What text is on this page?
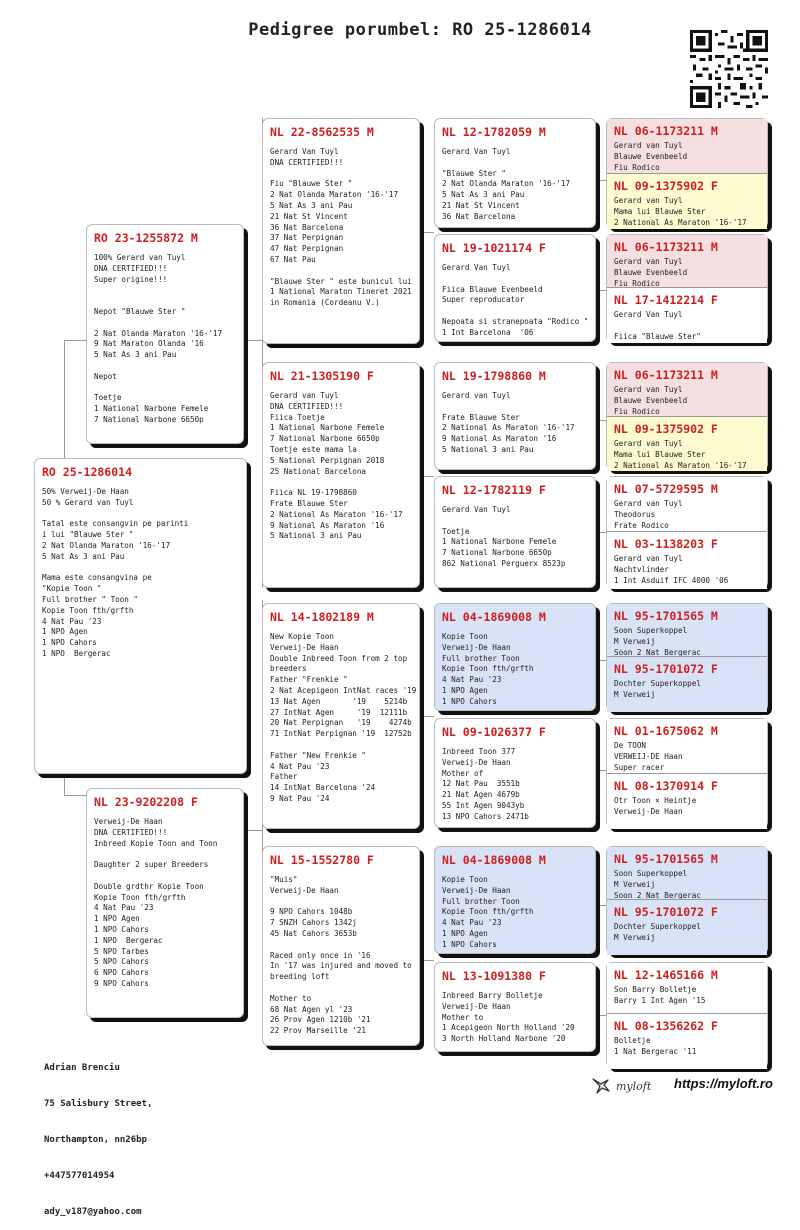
Pedigree porumbel: RO 25-1286014
RO 25-1286014
50% Verweij-De Haan
50 % Gerard van Tuyl

Tatal este consangvin pe parinti
i lui "Blauwe Ster "
2 Nat Olanda Maraton '16-'17
5 Nat As 3 ani Pau

Mama este consangvina pe
"Kopie Toon "
Full brother " Toon "
Kopie Toon fth/grfth
4 Nat Pau '23
1 NPO Agen
1 NPO Cahors
1 NPO  Bergerac
RO 23-1255872 M
100% Gerard van Tuyl
DNA CERTIFIED!!!
Super origine!!!

Nepot "Blauwe Ster "

2 Nat Olanda Maraton '16-'17
9 Nat Maraton Olanda '16
5 Nat As 3 ani Pau

Nepot

Toetje
1 National Narbone Femele
7 National Narbone 6650p
NL 23-9202208 F
Verweij-De Haan
DNA CERTIFIED!!!
Inbreed Kopie Toon and Toon

Daughter 2 super Breeders

Double grdthr Kopie Toon
Kopie Toon fth/grfth
4 Nat Pau '23
1 NPO Agen
1 NPO Cahors
1 NPO  Bergerac
5 NPO Tarbes
5 NPO Cahors
6 NPO Cahors
9 NPO Cahors
NL 22-8562535 M
Gerard Van Tuyl
DNA CERTIFIED!!!

Fiu "Blauwe Ster "
2 Nat Olanda Maraton '16-'17
5 Nat As 3 ani Pau
21 Nat St Vincent
36 Nat Barcelona
37 Nat Perpignan
47 Nat Perpignan
67 Nat Pau

"Blauwe Ster " este bunicul lui
1 National Maraton Tineret 2021
in Romania (Cordeanu V.)
NL 21-1305190 F
Gerard van Tuyl
DNA CERTIFIED!!!
Fiica Toetje
1 National Narbone Femele
7 National Narbone 6650p
Toetje este mama la
5 National Perpignan 2018
25 National Barcelona

Fiica NL 19-1798860
Frate Blauwe Ster
2 National As Maraton '16-'17
9 National As Maraton '16
5 National 3 ani Pau
NL 14-1802189 M
New Kopie Toon
Verweij-De Haan
Double Inbreed Toon from 2 top
breeders
Father "Frenkie "
2 Nat Acepigeon IntNat races '19
13 Nat Agen       '19    5214b
27 IntNat Agen     '19  12111b
20 Nat Perpignan   '19    4274b
71 IntNat Perpignan '19  12752b

Father "New Frenkie "
4 Nat Pau '23
Father
14 IntNat Barcelona '24
9 Nat Pau '24
NL 15-1552780 F
"Muis"
Verweij-De Haan

9 NPO Cahors 1048b
7 SNZH Cahors 1342j
45 Nat Cahors 3653b

Raced only once in '16
In '17 was injured and moved to
breeding loft

Mother to
68 Nat Agen yl '23
26 Prov Agen 1210b '21
22 Prov Marseille '21
NL 12-1782059 M
Gerard Van Tuyl

"Blauwe Ster "
2 Nat Olanda Maraton '16-'17
5 Nat As 3 ani Pau
21 Nat St Vincent
36 Nat Barcelona
NL 19-1021174 F
Gerard Van Tuyl

Fiica Blauwe Evenbeeld
Super reproducator

Nepoata si stranepoata "Rodico "
1 Int Barcelona  '06
NL 19-1798860 M
Gerard van Tuyl

Frate Blauwe Ster
2 National As Maraton '16-'17
9 National As Maraton '16
5 National 3 ani Pau
NL 12-1782119 F
Gerard Van Tuyl

Toetje
1 National Narbone Femele
7 National Narbone 6650p
862 National Perguerx 8523p
NL 04-1869008 M
Kopie Toon
Verweij-De Haan
Full brother Toon
Kopie Toon fth/grfth
4 Nat Pau '23
1 NPO Agen
1 NPO Cahors
NL 09-1026377 F
Inbreed Toon 377
Verweij-De Haan
Mother of
12 Nat Pau  3551b
21 Nat Agen 4679b
55 Int Agen 9043yb
13 NPO Cahors 2471b
NL 04-1869008 M
Kopie Toon
Verweij-De Haan
Full brother Toon
Kopie Toon fth/grfth
4 Nat Pau '23
1 NPO Agen
1 NPO Cahors
NL 13-1091380 F
Inbreed Barry Bolletje
Verweij-De Haan
Mother to
1 Acepigeon North Holland '20
3 North Holland Narbone '20
NL 06-1173211 M
Gerard van Tuyl
Blauwe Evenbeeld
Fiu Rodico
NL 09-1375902 F
Gerard van Tuyl
Mama lui Blauwe Ster
2 National As Maraton '16-'17
NL 06-1173211 M
Gerard van Tuyl
Blauwe Evenbeeld
Fiu Rodico
NL 17-1412214 F
Gerard Van Tuyl

Fiica "Blauwe Ster"
NL 06-1173211 M
Gerard van Tuyl
Blauwe Evenbeeld
Fiu Rodico
NL 09-1375902 F
Gerard van Tuyl
Mama lui Blauwe Ster
2 National As Maraton '16-'17
NL 07-5729595 M
Gerard van Tuyl
Theodorus
Frate Rodico
NL 03-1138203 F
Gerard van Tuyl
Nachtvlinder
1 Int Asduif IFC 4000 '06
NL 95-1701565 M
Soon Superkoppel
M Verweij
Soon 2 Nat Bergerac
NL 95-1701072 F
Dochter Superkoppel
M Verweij
NL 01-1675062 M
De TOON
VERWEIJ-DE Haan
Super racer
NL 08-1370914 F
Otr Toon × Heintje
Verweij-De Haan
NL 95-1701565 M
Soon Superkoppel
M Verweij
Soon 2 Nat Bergerac
NL 95-1701072 F
Dochter Superkoppel
M Verweij
NL 12-1465166 M
Son Barry Bolletje
Barry 1 Int Agen '15
NL 08-1356262 F
Bolletje
1 Nat Bergerac '11

Adrian Brenciu

75 Salisbury Street,

Northampton, nn26bp

+447577014954

ady_v187@yahoo.com

myloft https://myloft.ro
